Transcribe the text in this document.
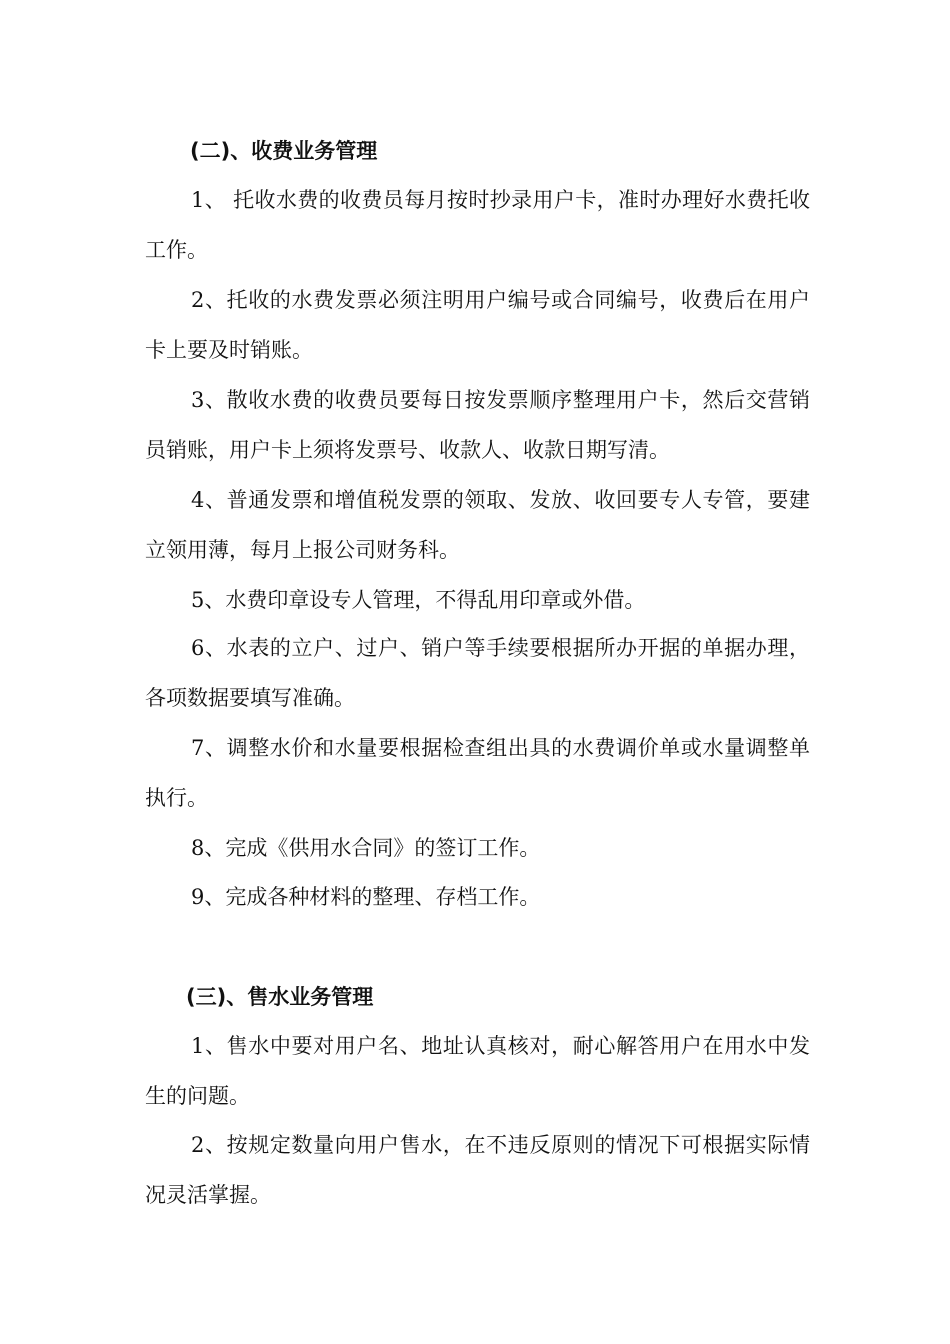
(二)、收费业务管理

1、 托收水费的收费员每月按时抄录用户卡，准时办理好水费托收工作。

2、托收的水费发票必须注明用户编号或合同编号，收费后在用户卡上要及时销账。

3、散收水费的收费员要每日按发票顺序整理用户卡，然后交营销员销账，用户卡上须将发票号、收款人、收款日期写清。

4、普通发票和增值税发票的领取、发放、收回要专人专管，要建立领用薄，每月上报公司财务科。

5、水费印章设专人管理，不得乱用印章或外借。

6、水表的立户、过户、销户等手续要根据所办开据的单据办理，各项数据要填写准确。

7、调整水价和水量要根据检查组出具的水费调价单或水量调整单执行。

8、完成《供用水合同》的签订工作。

9、完成各种材料的整理、存档工作。

(三)、售水业务管理

1、售水中要对用户名、地址认真核对，耐心解答用户在用水中发生的问题。

2、按规定数量向用户售水，在不违反原则的情况下可根据实际情况灵活掌握。
